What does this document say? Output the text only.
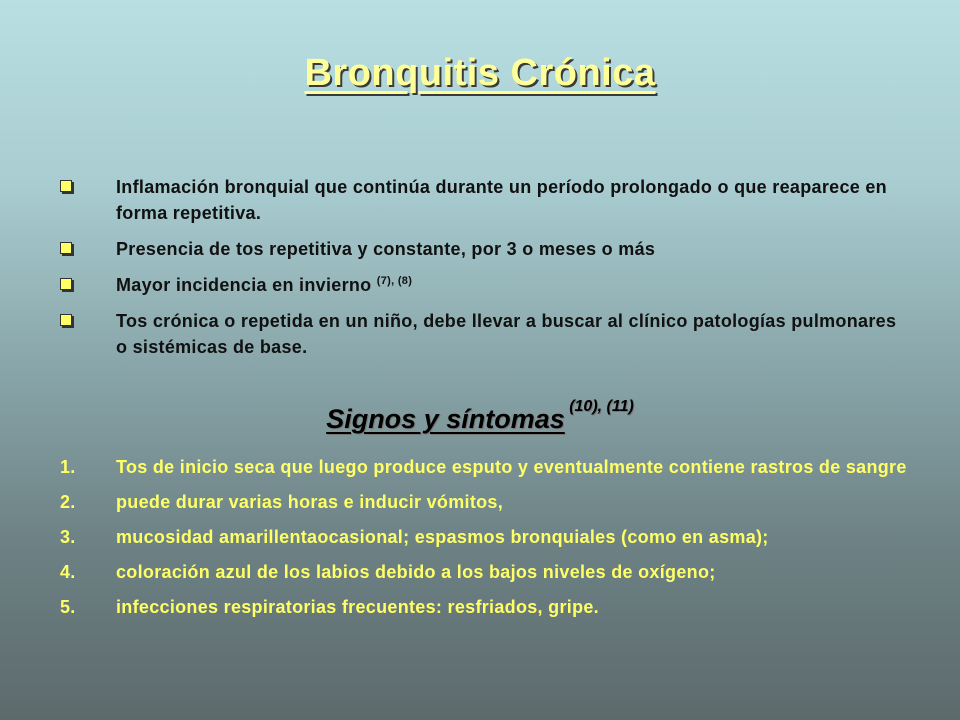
Bronquitis Crónica
Inflamación bronquial que continúa durante un período prolongado o que reaparece en forma repetitiva.
Presencia de tos repetitiva y constante, por 3 o meses o más
Mayor incidencia en invierno $^{(7), (8)}$
Tos crónica o repetida en un niño, debe llevar a buscar al clínico patologías pulmonares o sistémicas de base.
Signos y síntomas $^{(10), (11)}$
1. Tos de inicio seca que luego produce esputo y eventualmente contiene rastros de sangre
2. puede durar varias horas e inducir vómitos,
3. mucosidad amarillentaocasional; espasmos bronquiales (como en asma);
4. coloración azul de los labios debido a los bajos niveles de oxígeno;
5. infecciones respiratorias frecuentes: resfriados, gripe.
